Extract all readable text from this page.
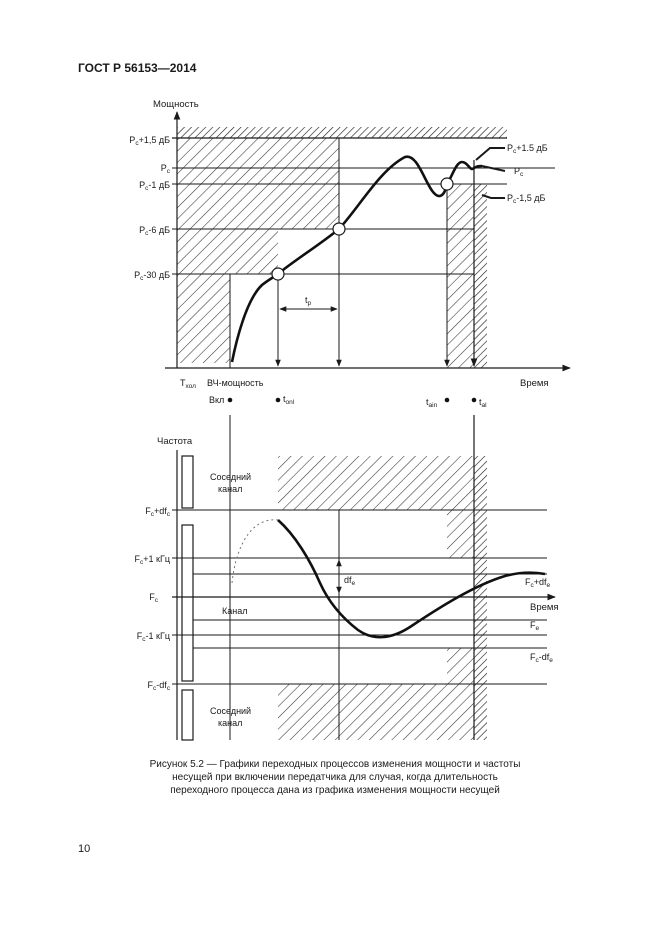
ГОСТ Р 56153—2014
Мощность
Время
$P_c+1,5$ дБ
$P_c$
$P_c-1$ дБ
$P_c-6$ дБ
$P_c-30$ дБ
$P_c+1.5$ дБ
$P_c$
$P_c-1,5$ дБ
$t_p$
$T_{хол}$ ВЧ-мощность
Вкл	$t_{onl}$	$t_{ain}$	$t_{al}$
Частота
Время
Соседний
канал
Канал
Соседний
канал
$df_e$
$F_c+df_c$
$F_c+1$ кГц
$F_c$
$F_c-1$ кГц
$F_c-df_c$
$F_c+df_e$
$F_e$
$F_c-df_e$
Рисунок 5.2 — Графики переходных процессов изменения мощности и частоты
несущей при включении передатчика для случая, когда длительность
переходного процесса дана из графика изменения мощности несущей
10
